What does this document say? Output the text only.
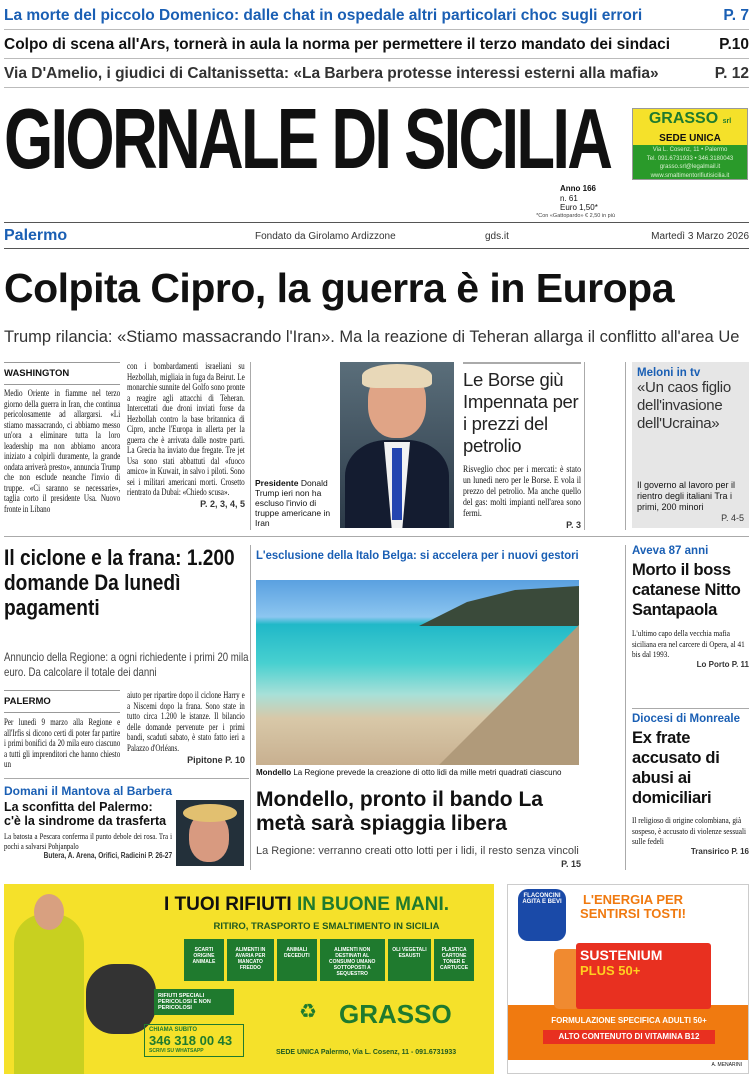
La morte del piccolo Domenico: dalle chat in ospedale altri particolari choc sugli errori	P. 7
Colpo di scena all'Ars, tornerà in aula la norma per permettere il terzo mandato dei sindaci	P.10
Via D'Amelio, i giudici di Caltanissetta: «La Barbera protesse interessi esterni alla mafia»	P. 12
GIORNALE DI SICILIA	GRASSO srl
SEDE UNICA
Via L. Cosenz, 11 • Palermo
Tel. 091.6731933 • 346.3180043
grasso.srl@legalmail.it
www.smaltimentorifiutisicilia.it
Anno 166
n. 61
Euro 1,50*
*Con «Gattopardo» € 2,50 in più
Palermo	Fondato da Girolamo Ardizzone	gds.it	Martedì 3 Marzo 2026
Colpita Cipro, la guerra è in Europa
Trump rilancia: «Stiamo massacrando l'Iran». Ma la reazione di Teheran allarga il conflitto all'area Ue
WASHINGTON
Medio Oriente in fiamme nel terzo giorno della guerra in Iran, che continua pericolosamente ad allargarsi. «Li stiamo massacrando, ci abbiamo messo un'ora a eliminare tutta la loro leadership ma non abbiamo ancora iniziato a colpirli duramente, la grande ondata arriverà presto», annuncia Trump che non esclude neanche l'invio di truppe. «Ci saranno se necessarie», taglia corto il presidente Usa. Nuovo fronte in Libano
con i bombardamenti israeliani su Hezbollah, migliaia in fuga da Beirut. Le monarchie sunnite del Golfo sono pronte a reagire agli attacchi di Teheran. Intercettati due droni inviati forse da Hezbollah contro la base britannica di Cipro, anche l'Europa in allerta per la guerra che è arrivata dalle nostre parti. La Grecia ha inviato due fregate. Tre jet Usa sono stati abbattuti dal «fuoco amico» in Kuwait, in salvo i piloti. Sono sei i militari americani morti. Crosetto rientrato da Dubai: «Chiedo scusa».
P. 2, 3, 4, 5
Presidente Donald Trump ieri non ha escluso l'invio di truppe americane in Iran
Le Borse giù Impennata per i prezzi del petrolio
Risveglio choc per i mercati: è stato un lunedì nero per le Borse. E vola il prezzo del petrolio. Ma anche quello del gas: molti impianti nell'area sono fermi.
P. 3
Meloni in tv
«Un caos figlio dell'invasione dell'Ucraina»
Il governo al lavoro per il rientro degli italiani Tra i primi, 200 minori
P. 4-5
Il ciclone e la frana: 1.200 domande Da lunedì pagamenti
Annuncio della Regione: a ogni richiedente i primi 20 mila euro. Da calcolare il totale dei danni
PALERMO
Per lunedì 9 marzo alla Regione e all'Irfis si dicono certi di poter far partire i primi bonifici da 20 mila euro ciascuno a tutti gli imprenditori che hanno chiesto un
aiuto per ripartire dopo il ciclone Harry e a Niscemi dopo la frana. Sono state in tutto circa 1.200 le istanze. Il bilancio delle domande pervenute per i primi bandi, scaduti sabato, è stato fatto ieri a Palazzo d'Orléans.
Pipitone P. 10
Domani il Mantova al Barbera
La sconfitta del Palermo: c'è la sindrome da trasferta
La batosta a Pescara conferma il punto debole dei rosa. Tra i pochi a salvarsi Pohjanpalo
Butera, A. Arena, Orifici, Radicini P. 26-27
L'esclusione della Italo Belga: si accelera per i nuovi gestori
Mondello La Regione prevede la creazione di otto lidi da mille metri quadrati ciascuno
Mondello, pronto il bando La metà sarà spiaggia libera
La Regione: verranno creati otto lotti per i lidi, il resto senza vincoli
P. 15
Aveva 87 anni
Morto il boss catanese Nitto Santapaola
L'ultimo capo della vecchia mafia siciliana era nel carcere di Opera, al 41 bis dal 1993.
Lo Porto P. 11
Diocesi di Monreale
Ex frate accusato di abusi ai domiciliari
Il religioso di origine colombiana, già sospeso, è accusato di violenze sessuali sulle fedeli
Transirico P. 16
I TUOI RIFIUTI IN BUONE MANI.
RITIRO, TRASPORTO E SMALTIMENTO IN SICILIA
SCARTI ORIGINE ANIMALE
ALIMENTI IN AVARIA PER MANCATO FREDDO
ANIMALI DECEDUTI
ALIMENTI NON DESTINATI AL CONSUMO UMANO SOTTOPOSTI A SEQUESTRO
OLI VEGETALI ESAUSTI
PLASTICA CARTONE TONER E CARTUCCE
RIFIUTI SPECIALI PERICOLOSI E NON PERICOLOSI
CHIAMA SUBITO
346 318 00 43
SCRIVI SU WHATSAPP
♻ GRASSO
SEDE UNICA Palermo, Via L. Cosenz, 11 - 091.6731933
FLACONCINI AGITA E BEVI	L'ENERGIA PER SENTIRSI TOSTI!
SUSTENIUM
PLUS 50+
FORMULAZIONE SPECIFICA ADULTI 50+
ALTO CONTENUTO DI VITAMINA B12
A. MENARINI
